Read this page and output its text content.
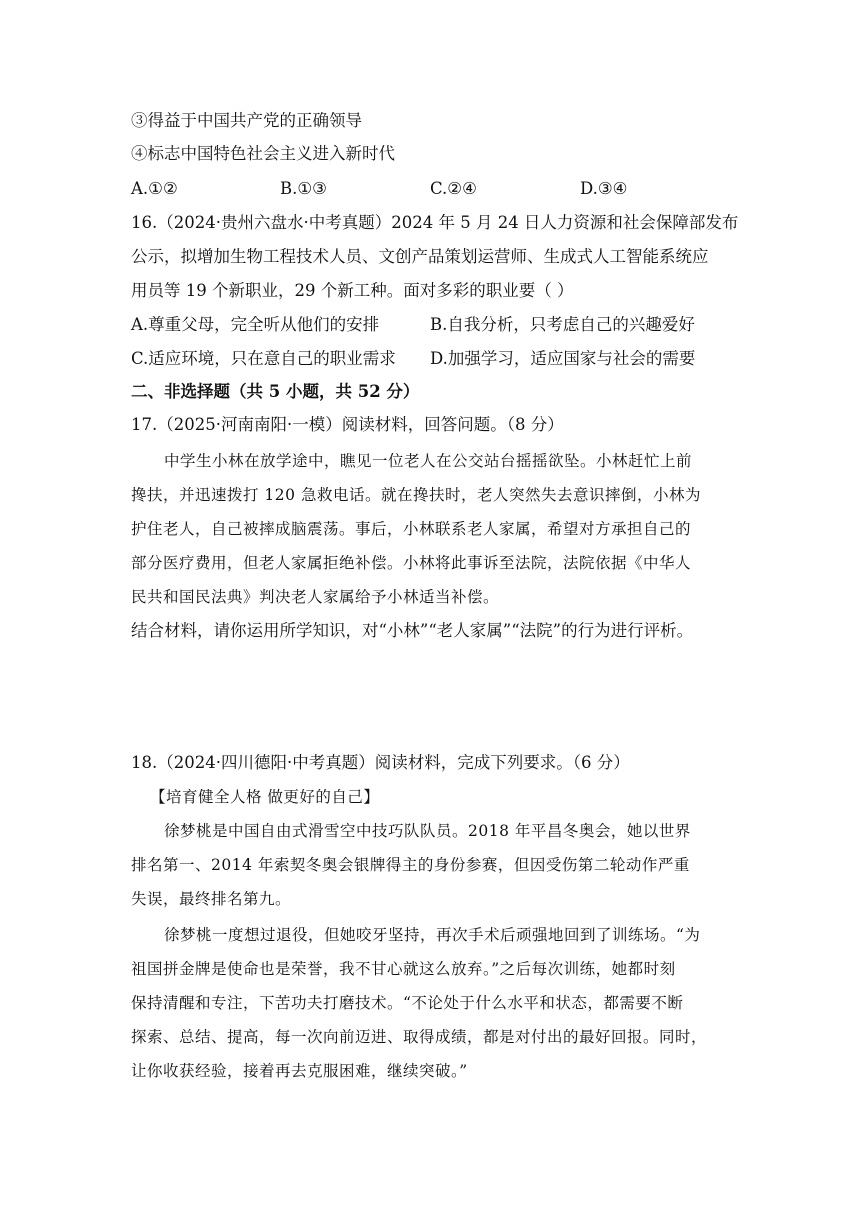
③得益于中国共产党的正确领导
④标志中国特色社会主义进入新时代
A.①②	B.①③	C.②④	D.③④
16.（2024·贵州六盘水·中考真题）2024 年 5 月 24 日人力资源和社会保障部发布
公示，拟增加生物工程技术人员、文创产品策划运营师、生成式人工智能系统应
用员等 19 个新职业，29 个新工种。面对多彩的职业要（ ）
A.尊重父母，完全听从他们的安排	B.自我分析，只考虑自己的兴趣爱好
C.适应环境，只在意自己的职业需求 D.加强学习，适应国家与社会的需要
二、非选择题（共 5 小题，共 52 分）
17.（2025·河南南阳·一模）阅读材料，回答问题。（8 分）
中学生小林在放学途中，瞧见一位老人在公交站台摇摇欲坠。小林赶忙上前
搀扶，并迅速拨打 120 急救电话。就在搀扶时，老人突然失去意识摔倒，小林为
护住老人，自己被摔成脑震荡。事后，小林联系老人家属，希望对方承担自己的
部分医疗费用，但老人家属拒绝补偿。小林将此事诉至法院，法院依据《中华人
民共和国民法典》判决老人家属给予小林适当补偿。
结合材料，请你运用所学知识，对“小林”“老人家属”“法院”的行为进行评析。
18.（2024·四川德阳·中考真题）阅读材料，完成下列要求。（6 分）
【培育健全人格 做更好的自己】
徐梦桃是中国自由式滑雪空中技巧队队员。2018 年平昌冬奥会，她以世界
排名第一、2014 年索契冬奥会银牌得主的身份参赛，但因受伤第二轮动作严重
失误，最终排名第九。
徐梦桃一度想过退役，但她咬牙坚持，再次手术后顽强地回到了训练场。“为
祖国拼金牌是使命也是荣誉，我不甘心就这么放弃。”之后每次训练，她都时刻
保持清醒和专注，下苦功夫打磨技术。“不论处于什么水平和状态，都需要不断
探索、总结、提高，每一次向前迈进、取得成绩，都是对付出的最好回报。同时，
让你收获经验，接着再去克服困难，继续突破。”
